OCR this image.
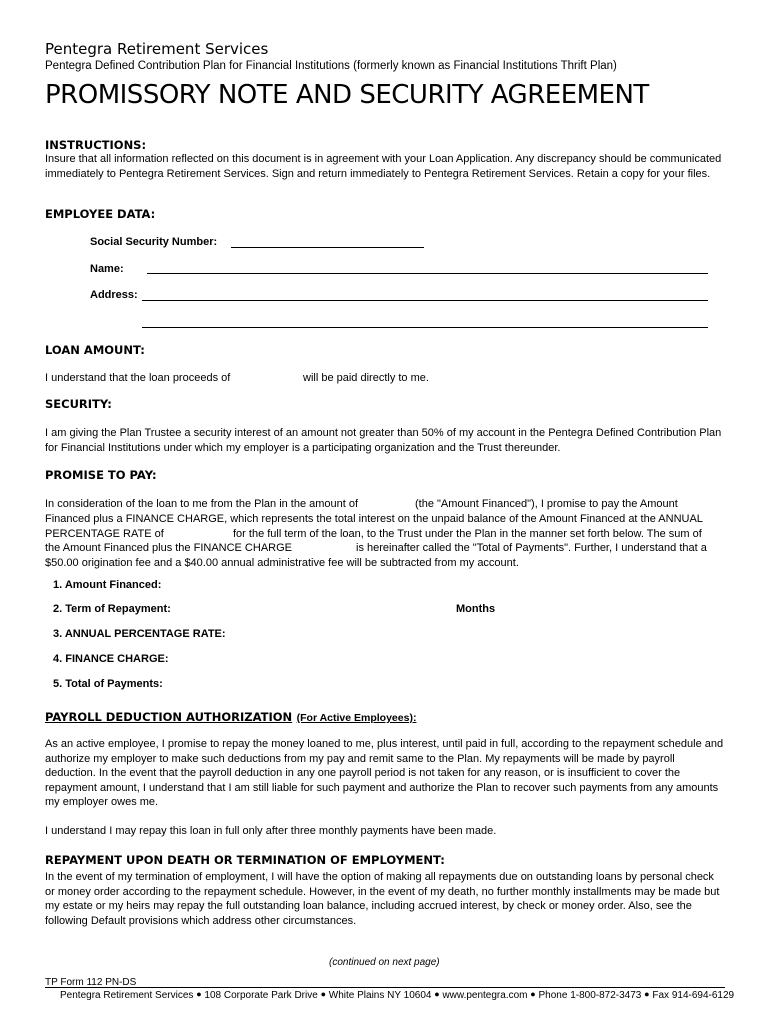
Pentegra Retirement Services
Pentegra Defined Contribution Plan for Financial Institutions (formerly known as Financial Institutions Thrift Plan)
PROMISSORY NOTE AND SECURITY AGREEMENT
INSTRUCTIONS:
Insure that all information reflected on this document is in agreement with your Loan Application. Any discrepancy should be communicated immediately to Pentegra Retirement Services. Sign and return immediately to Pentegra Retirement Services. Retain a copy for your files.
EMPLOYEE DATA:
Social Security Number:
Name:
Address:
LOAN AMOUNT:
I understand that the loan proceeds of	will be paid directly to me.
SECURITY:
I am giving the Plan Trustee a security interest of an amount not greater than 50% of my account in the Pentegra Defined Contribution Plan for Financial Institutions under which my employer is a participating organization and the Trust thereunder.
PROMISE TO PAY:
In consideration of the loan to me from the Plan in the amount of	(the "Amount Financed"), I promise to pay the Amount
Financed plus a FINANCE CHARGE, which represents the total interest on the unpaid balance of the Amount Financed at the ANNUAL
PERCENTAGE RATE of	for the full term of the loan, to the Trust under the Plan in the manner set forth below. The sum of
the Amount Financed plus the FINANCE CHARGE	is hereinafter called the "Total of Payments". Further, I understand that a
$50.00 origination fee and a $40.00 annual administrative fee will be subtracted from my account.
1. Amount Financed:
2. Term of Repayment:	Months
3. ANNUAL PERCENTAGE RATE:
4. FINANCE CHARGE:
5. Total of Payments:
PAYROLL DEDUCTION AUTHORIZATION (For Active Employees):
As an active employee, I promise to repay the money loaned to me, plus interest, until paid in full, according to the repayment schedule and authorize my employer to make such deductions from my pay and remit same to the Plan. My repayments will be made by payroll deduction. In the event that the payroll deduction in any one payroll period is not taken for any reason, or is insufficient to cover the repayment amount, I understand that I am still liable for such payment and authorize the Plan to recover such payments from any amounts my employer owes me.
I understand I may repay this loan in full only after three monthly payments have been made.
REPAYMENT UPON DEATH OR TERMINATION OF EMPLOYMENT:
In the event of my termination of employment, I will have the option of making all repayments due on outstanding loans by personal check or money order according to the repayment schedule. However, in the event of my death, no further monthly installments may be made but my estate or my heirs may repay the full outstanding loan balance, including accrued interest, by check or money order. Also, see the following Default provisions which address other circumstances.
(continued on next page)
TP Form 112 PN-DS
Pentegra Retirement Services ● 108 Corporate Park Drive ● White Plains NY 10604 ● www.pentegra.com ● Phone 1-800-872-3473 ● Fax 914-694-6129
